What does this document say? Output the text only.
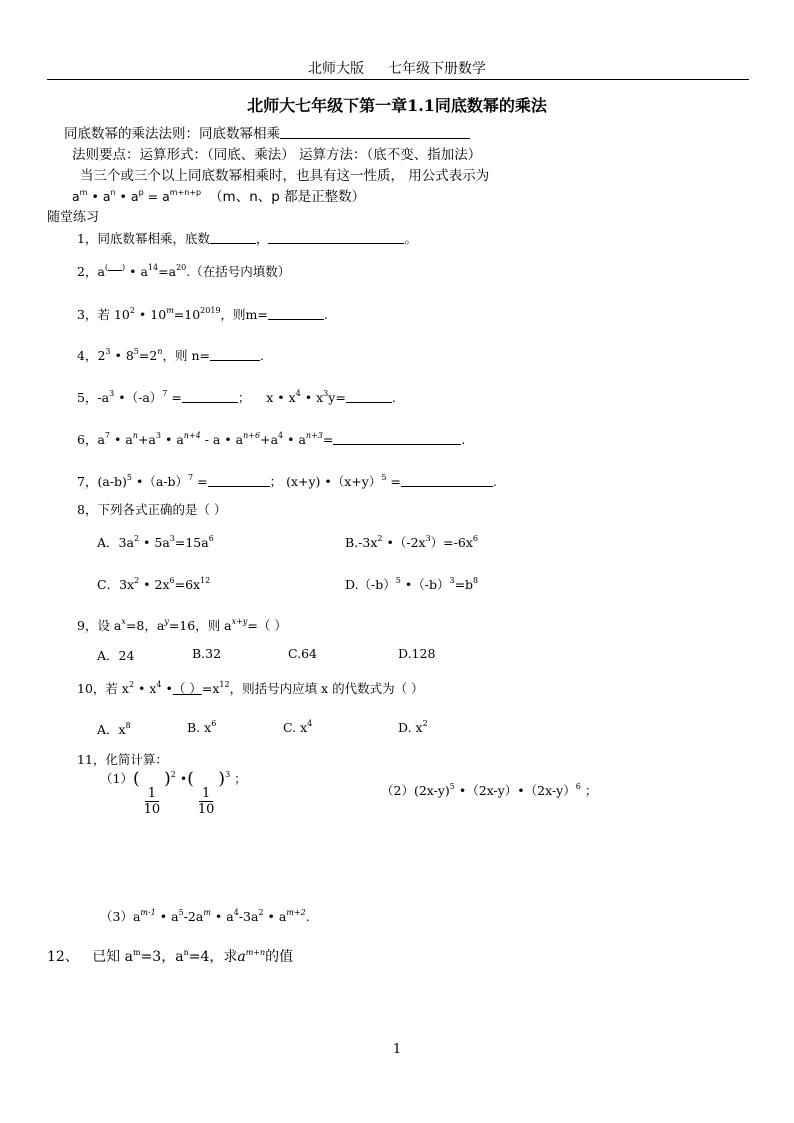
北师大版 七年级下册数学
北师大七年级下第一章1.1同底数幂的乘法
同底数幂的乘法法则：同底数幂相乘
法则要点：运算形式：（同底、乘法） 运算方法：（底不变、指加法）
当三个或三个以上同底数幂相乘时，也具有这一性质， 用公式表示为
$a^m$ • $a^n$ • $a^p = a^{m+n+p}$ （m、n、p 都是正整数）
随堂练习
1，同底数幂相乘，底数	，	。
2，a( ) • $a^{14}=a^{20}$.（在括号内填数）
3，若 $10^2$ • $10^m=10^{2019}$，则m=	.
4，$2^3$ • $8^5=2^n$，则 n=	.
5，$-a^3$ $•(-a)^7$ =	； x • $x^4$ • $x^3y=$	.
6，$a^7$ • $a^n+a^3$ • $a^{n+4}$ - a • $a^{n+6}+a^4$ • $a^{n+3}=$	.
7，$(a-b)^5$ $•(a-b)^7$ =	； (x+y) $•(x+y)^5$ =	.
8，下列各式正确的是（ ）
A．$3a^2$ • $5a^3=15a^6$	$B.-3x^2$ $•(-2x^3)=-6x^6$
C．$3x^2$ • $2x^6=6x^{12}$	$D.(-b)^5$ $•(-b)^3=b^8$
9，设 $a^x=8$，$a^y=16$，则 $a^{x+y}=$（ ）
A．24	B.32	C.64	D.128
10，若 $x^2$ • $x^4$ •（ ）$=x^{12}$，则括号内应填 x 的代数式为（ ）
A．$x^8$	B. $x^6$	C. $x^4$	D. $x^2$
11，化简计算：
（1）(
$\frac{1}{10}$
)$^2$ •(
$\frac{1}{10}$
)$^3$ ；
$(2)(2x-y)^5$ $•(2x-y)•(2x-y)^6$ ；
$(3)a^{m-1}$ • $a^5-2a^m$ • $a^4-3a^2$ • $a^{m+2}$.
12、 已知 $a^m=3$，$a^n=4$，求$a^{m+n}$的值
1
